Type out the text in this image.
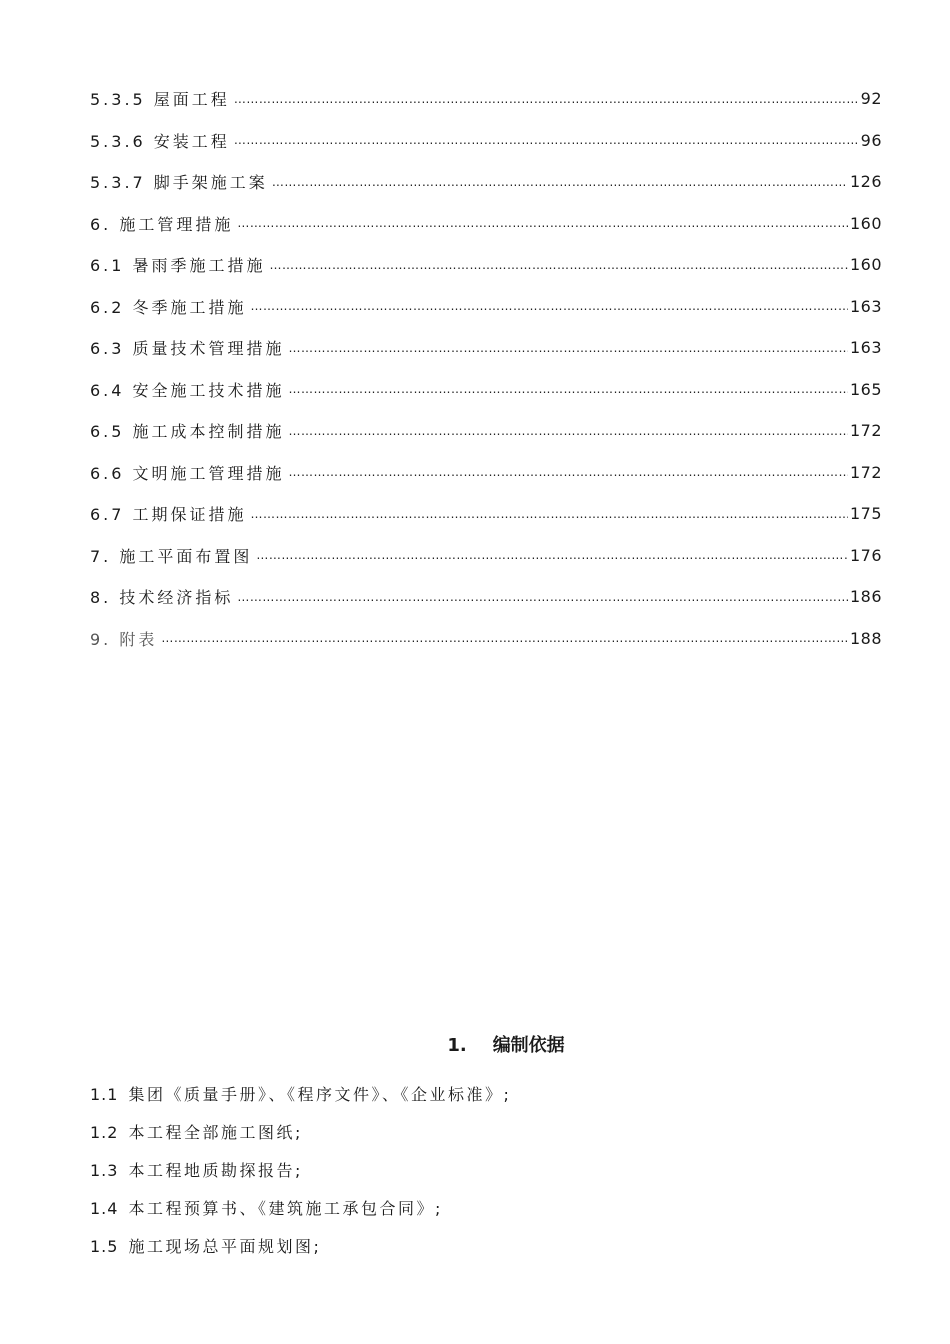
5.3.5 屋面工程 ………………………………………………………………………………………………………………………………………………………………………………………………	92
5.3.6 安装工程 ………………………………………………………………………………………………………………………………………………………………………………………………	96
5.3.7 脚手架施工案 ………………………………………………………………………………………………………………………………………………………………………………………………	126
6. 施工管理措施 ………………………………………………………………………………………………………………………………………………………………………………………………	160
6.1 暑雨季施工措施 ………………………………………………………………………………………………………………………………………………………………………………………………	160
6.2 冬季施工措施 ………………………………………………………………………………………………………………………………………………………………………………………………	163
6.3 质量技术管理措施 ………………………………………………………………………………………………………………………………………………………………………………………………	163
6.4 安全施工技术措施 ………………………………………………………………………………………………………………………………………………………………………………………………	165
6.5 施工成本控制措施 ………………………………………………………………………………………………………………………………………………………………………………………………	172
6.6 文明施工管理措施 ………………………………………………………………………………………………………………………………………………………………………………………………	172
6.7 工期保证措施 ………………………………………………………………………………………………………………………………………………………………………………………………	175
7. 施工平面布置图 ………………………………………………………………………………………………………………………………………………………………………………………………	176
8. 技术经济指标 ………………………………………………………………………………………………………………………………………………………………………………………………	186
9. 附表 ………………………………………………………………………………………………………………………………………………………………………………………………	188
1. 编制依据
1.1 集团《质量手册》、《程序文件》、《企业标准》;
1.2 本工程全部施工图纸;
1.3 本工程地质勘探报告;
1.4 本工程预算书、《建筑施工承包合同》;
1.5 施工现场总平面规划图;
